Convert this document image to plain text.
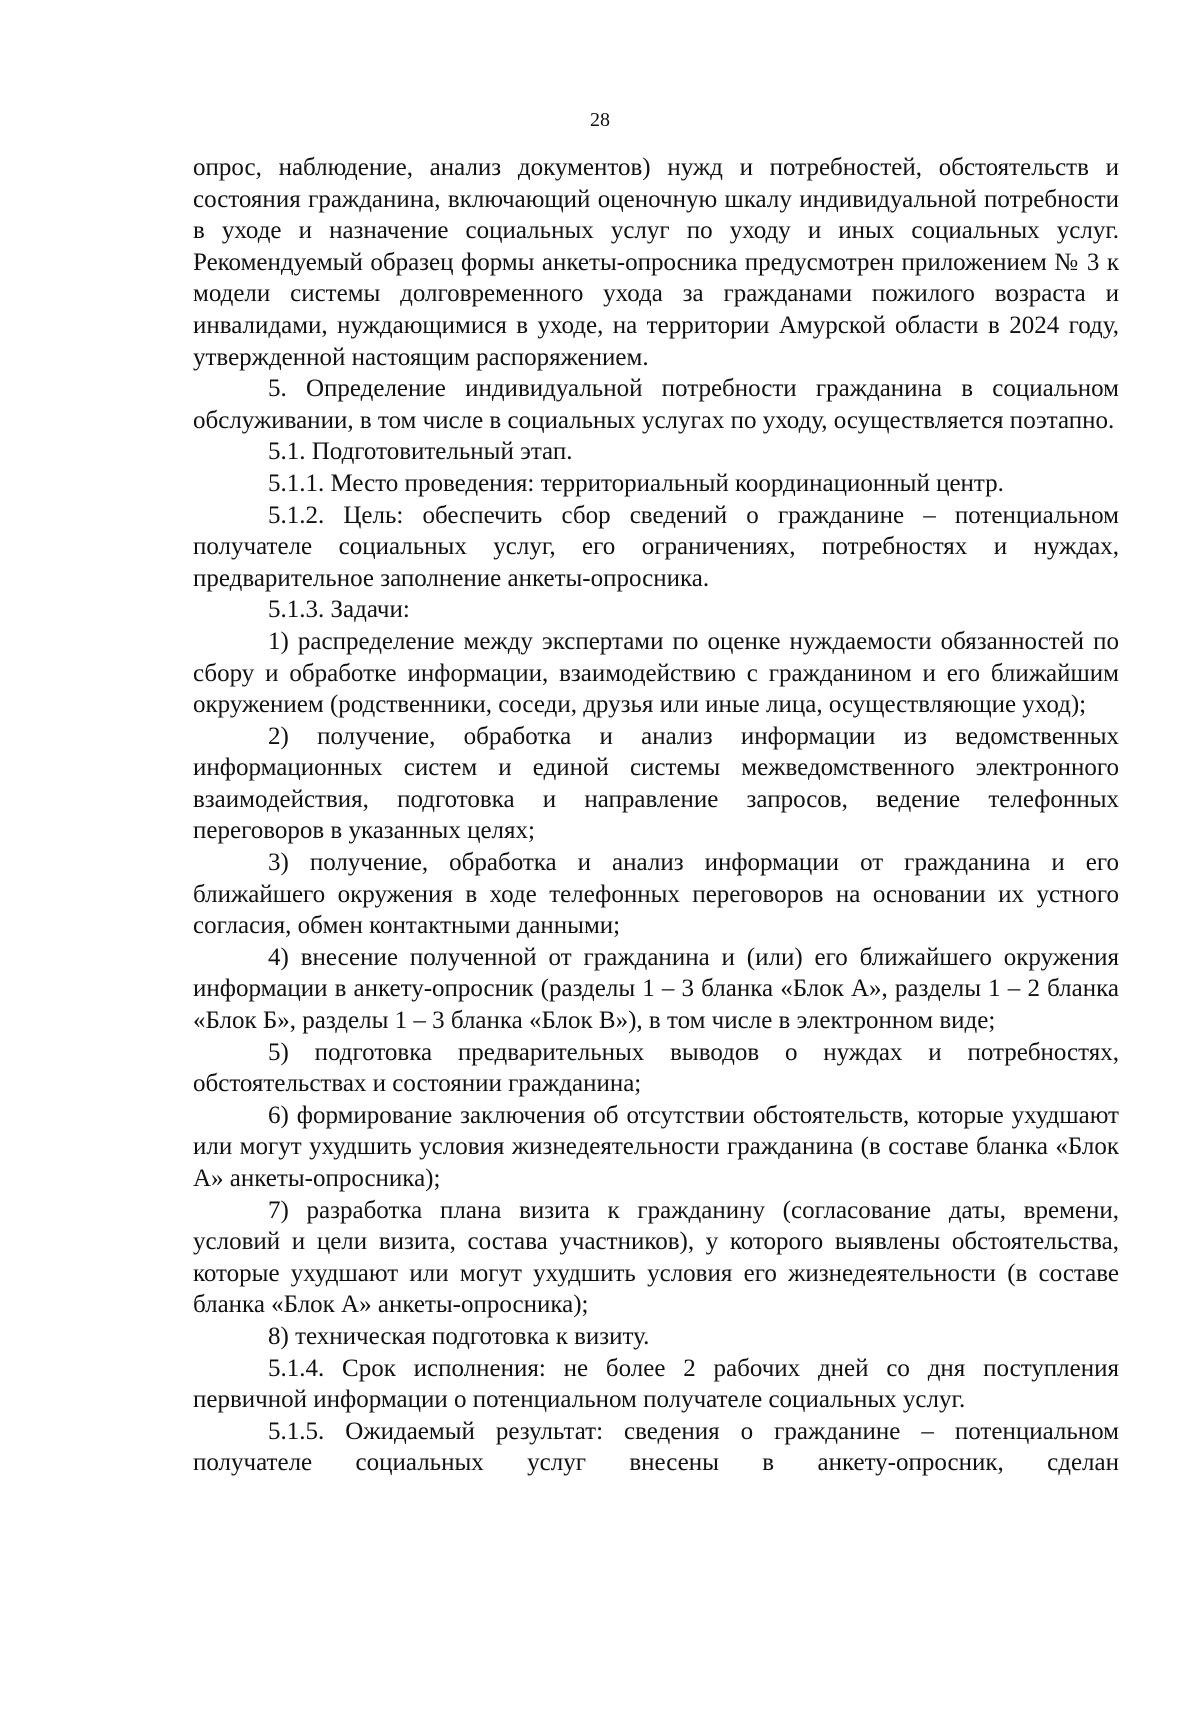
28

опрос, наблюдение, анализ документов) нужд и потребностей, обстоятельств и состояния гражданина, включающий оценочную шкалу индивидуальной потребности в уходе и назначение социальных услуг по уходу и иных социальных услуг. Рекомендуемый образец формы анкеты-опросника предусмотрен приложением № 3 к модели системы долговременного ухода за гражданами пожилого возраста и инвалидами, нуждающимися в уходе, на территории Амурской области в 2024 году, утвержденной настоящим распоряжением.

5. Определение индивидуальной потребности гражданина в социальном обслуживании, в том числе в социальных услугах по уходу, осуществляется поэтапно.

5.1. Подготовительный этап.

5.1.1. Место проведения: территориальный координационный центр.

5.1.2. Цель: обеспечить сбор сведений о гражданине – потенциальном получателе социальных услуг, его ограничениях, потребностях и нуждах, предварительное заполнение анкеты-опросника.

5.1.3. Задачи:

1) распределение между экспертами по оценке нуждаемости обязанностей по сбору и обработке информации, взаимодействию с гражданином и его ближайшим окружением (родственники, соседи, друзья или иные лица, осуществляющие уход);

2) получение, обработка и анализ информации из ведомственных информационных систем и единой системы межведомственного электронного взаимодействия, подготовка и направление запросов, ведение телефонных переговоров в указанных целях;

3) получение, обработка и анализ информации от гражданина и его ближайшего окружения в ходе телефонных переговоров на основании их устного согласия, обмен контактными данными;

4) внесение полученной от гражданина и (или) его ближайшего окружения информации в анкету-опросник (разделы 1 – 3 бланка «Блок А», разделы 1 – 2 бланка «Блок Б», разделы 1 – 3 бланка «Блок В»), в том числе в электронном виде;

5) подготовка предварительных выводов о нуждах и потребностях, обстоятельствах и состоянии гражданина;

6) формирование заключения об отсутствии обстоятельств, которые ухудшают или могут ухудшить условия жизнедеятельности гражданина (в составе бланка «Блок А» анкеты-опросника);

7) разработка плана визита к гражданину (согласование даты, времени, условий и цели визита, состава участников), у которого выявлены обстоятельства, которые ухудшают или могут ухудшить условия его жизнедеятельности (в составе бланка «Блок А» анкеты-опросника);

8) техническая подготовка к визиту.

5.1.4. Срок исполнения: не более 2 рабочих дней со дня поступления первичной информации о потенциальном получателе социальных услуг.

5.1.5. Ожидаемый результат: сведения о гражданине – потенциальном получателе социальных услуг внесены в анкету-опросник, сделан
